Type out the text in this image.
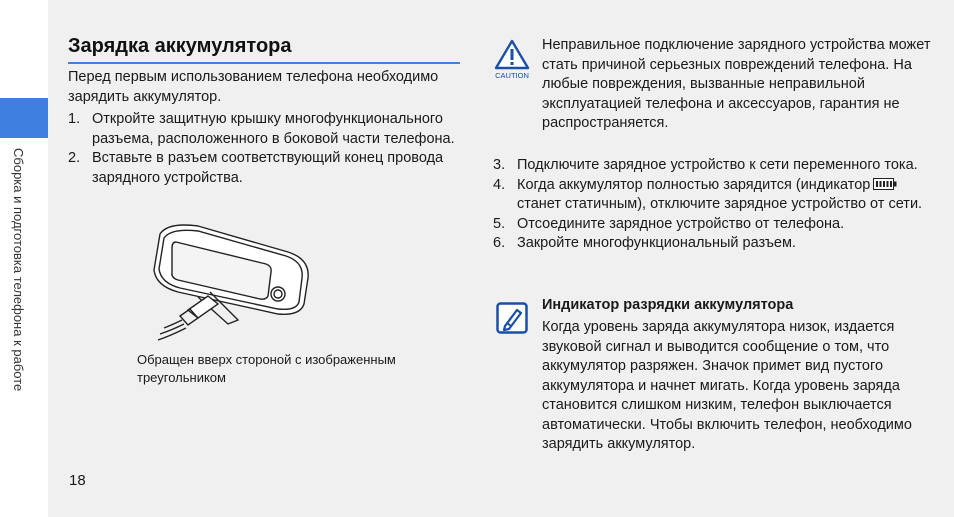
Сборка и подготовка телефона к работе
18
Зарядка аккумулятора
Перед первым использованием телефона необходимо зарядить аккумулятор.
1. Откройте защитную крышку многофункционального разъема, расположенного в боковой части телефона.
2. Вставьте в разъем соответствующий конец провода зарядного устройства.
Обращен вверх стороной с изображенным треугольником
CAUTION
Неправильное подключение зарядного устройства может стать причиной серьезных повреждений телефона. На любые повреждения, вызванные неправильной эксплуатацией телефона и аксессуаров, гарантия не распространяется.
3. Подключите зарядное устройство к сети переменного тока.
4. Когда аккумулятор полностью зарядится (индикаторстанет статичным), отключите зарядное устройство от сети.
5. Отсоедините зарядное устройство от телефона.
6. Закройте многофункциональный разъем.
Индикатор разрядки аккумулятора
Когда уровень заряда аккумулятора низок, издается звуковой сигнал и выводится сообщение о том, что аккумулятор разряжен. Значок примет вид пустого аккумулятора и начнет мигать. Когда уровень заряда становится слишком низким, телефон выключается автоматически. Чтобы включить телефон, необходимо зарядить аккумулятор.
